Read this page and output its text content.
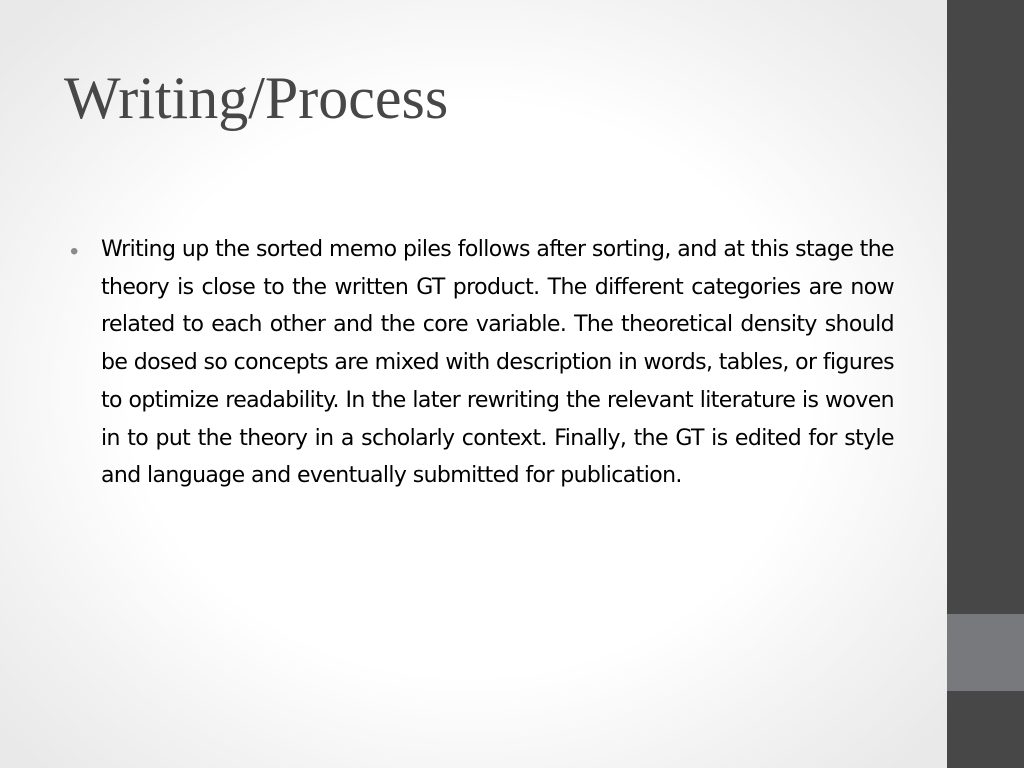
Writing/Process
• Writing up the sorted memo piles follows after sorting, and at this stage the theory is close to the written GT product. The different categories are now related to each other and the core variable. The theoretical density should be dosed so concepts are mixed with description in words, tables, or figures to optimize readability. In the later rewriting the relevant literature is woven in to put the theory in a scholarly context. Finally, the GT is edited for style and language and eventually submitted for publication.
